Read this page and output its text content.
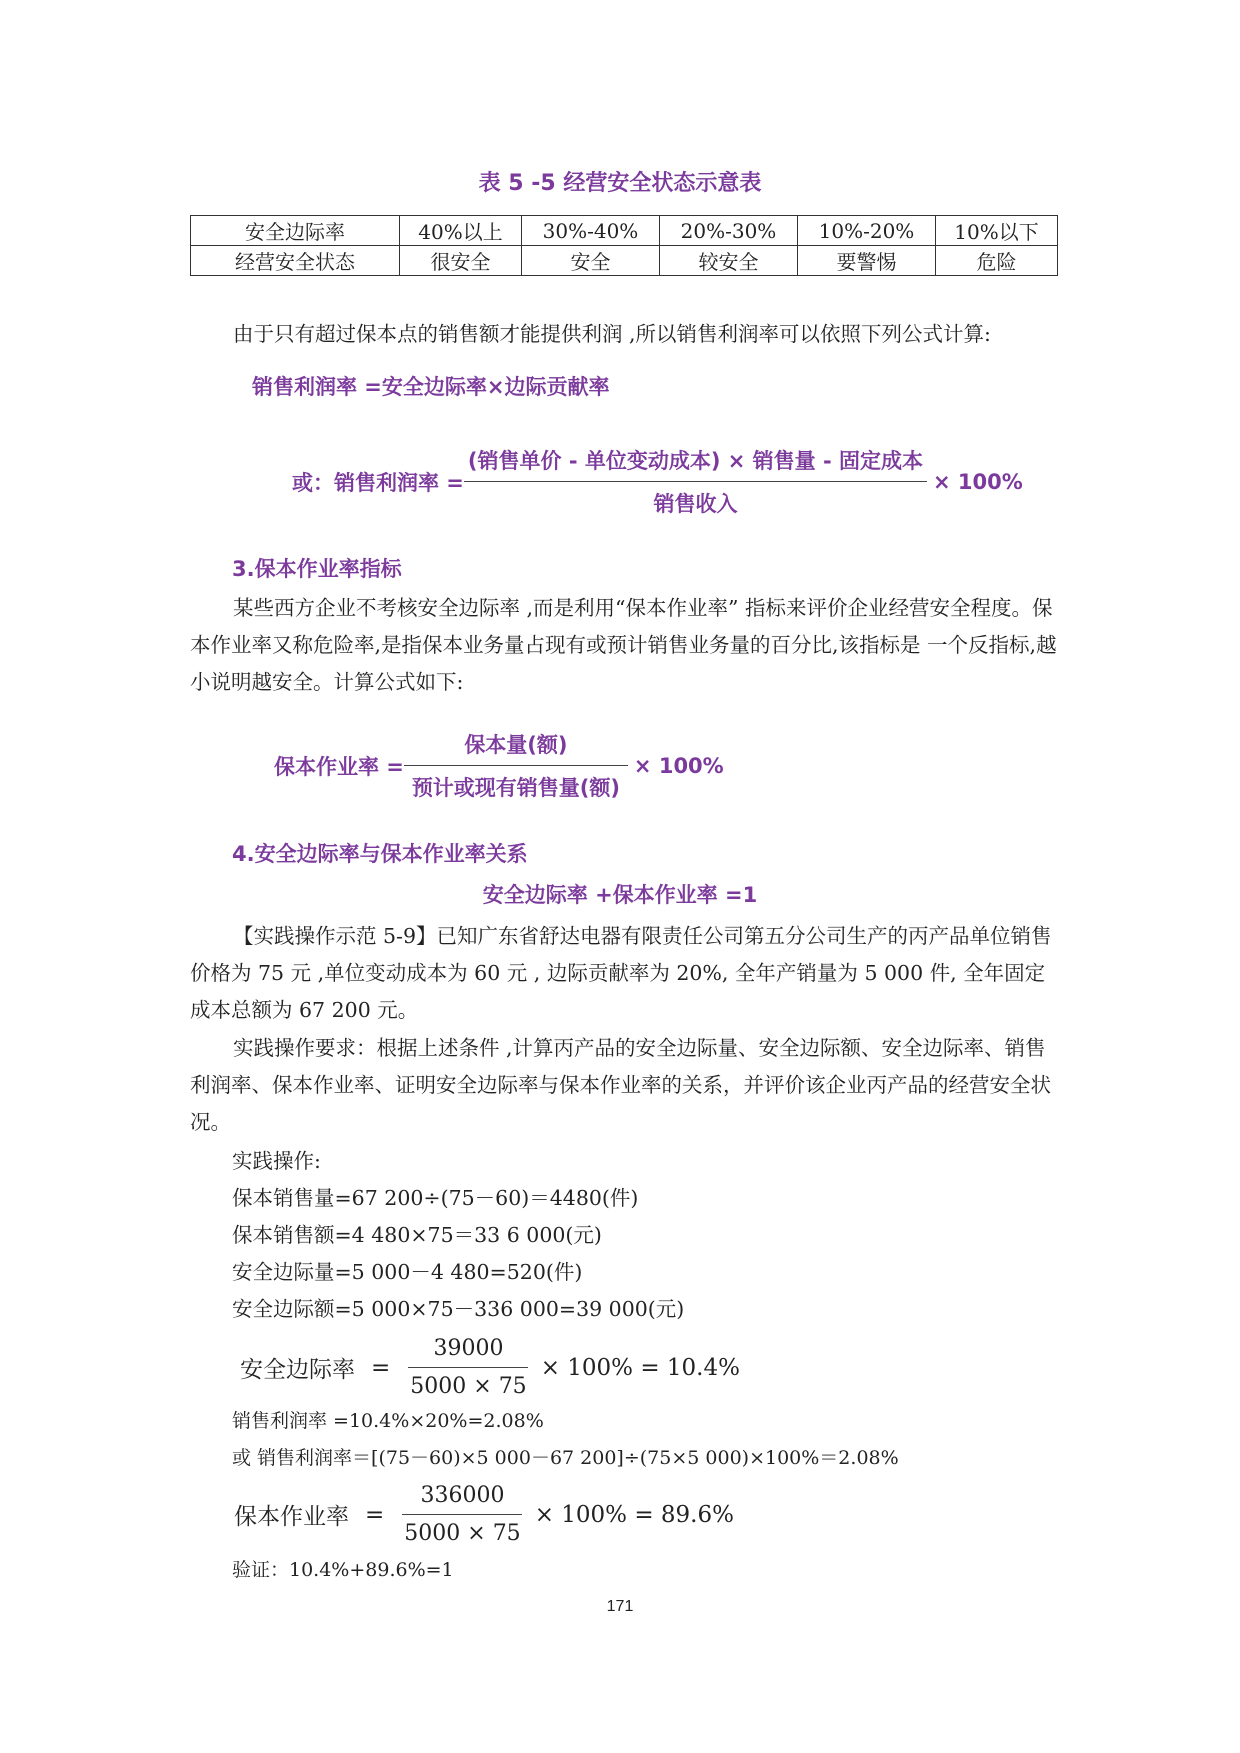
表 5 -5 经营安全状态示意表
安全边际率	40%以上	30%-40%	20%-30%	10%-20%	10%以下
经营安全状态	很安全	安全	较安全	要警惕	危险
由于只有超过保本点的销售额才能提供利润 ,所以销售利润率可以依照下列公式计算:
销售利润率 =安全边际率×边际贡献率
或：销售利润率 = $\frac{\text{(销售单价 - 单位变动成本) × 销售量 - 固定成本}}{\text{销售收入}} \times 100\%$
3.保本作业率指标
某些西方企业不考核安全边际率 ,而是利用“保本作业率” 指标来评价企业经营安全程度。保本作业率又称危险率,是指保本业务量占现有或预计销售业务量的百分比,该指标是 一个反指标,越小说明越安全。计算公式如下:
保本作业率 = $\frac{\text{保本量(额)}}{\text{预计或现有销售量(额)}} \times 100\%$
4.安全边际率与保本作业率关系
安全边际率 +保本作业率 =1
【实践操作示范 5-9】已知广东省舒达电器有限责任公司第五分公司生产的丙产品单位销售价格为 75 元 ,单位变动成本为 60 元 , 边际贡献率为 20%, 全年产销量为 5 000 件, 全年固定成本总额为 67 200 元。
实践操作要求：根据上述条件 ,计算丙产品的安全边际量、安全边际额、安全边际率、销售利润率、保本作业率、证明安全边际率与保本作业率的关系，并评价该企业丙产品的经营安全状况。
实践操作:
保本销售量=67 200÷(75－60)＝4480(件)
保本销售额=4 480×75＝33 6 000(元)
安全边际量=5 000－4 480=520(件)
安全边际额=5 000×75－336 000=39 000(元)
安全边际率 = $\frac{39000}{5000 \times 75} \times 100\% = 10.4\%$
销售利润率 =10.4%×20%=2.08%
或 销售利润率＝[(75－60)×5 000－67 200]÷(75×5 000)×100%＝2.08%
保本作业率 = $\frac{336000}{5000 \times 75} \times 100\% = 89.6\%$
验证：10.4%+89.6%=1
171
